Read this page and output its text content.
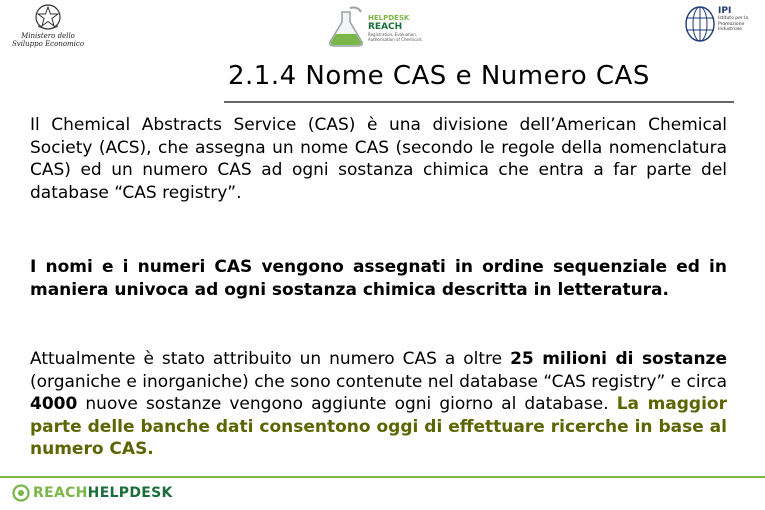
Ministero dello
Sviluppo Economico
HELPDESK
REACH
Registration, Evaluation, Authorisation of Chemicals
IPI
Istituto per la Promozione Industriale
2.1.4 Nome CAS e Numero CAS

Il Chemical Abstracts Service (CAS) è una divisione dell’American Chemical Society (ACS), che assegna un nome CAS (secondo le regole della nomenclatura CAS) ed un numero CAS ad ogni sostanza chimica che entra a far parte del database “CAS registry”.

I nomi e i numeri CAS vengono assegnati in ordine sequenziale ed in maniera univoca ad ogni sostanza chimica descritta in letteratura.

Attualmente è stato attribuito un numero CAS a oltre 25 milioni di sostanze (organiche e inorganiche) che sono contenute nel database “CAS registry” e circa 4000 nuove sostanze vengono aggiunte ogni giorno al database. La maggior parte delle banche dati consentono oggi di effettuare ricerche in base al numero CAS.

REACH HELPDESK
